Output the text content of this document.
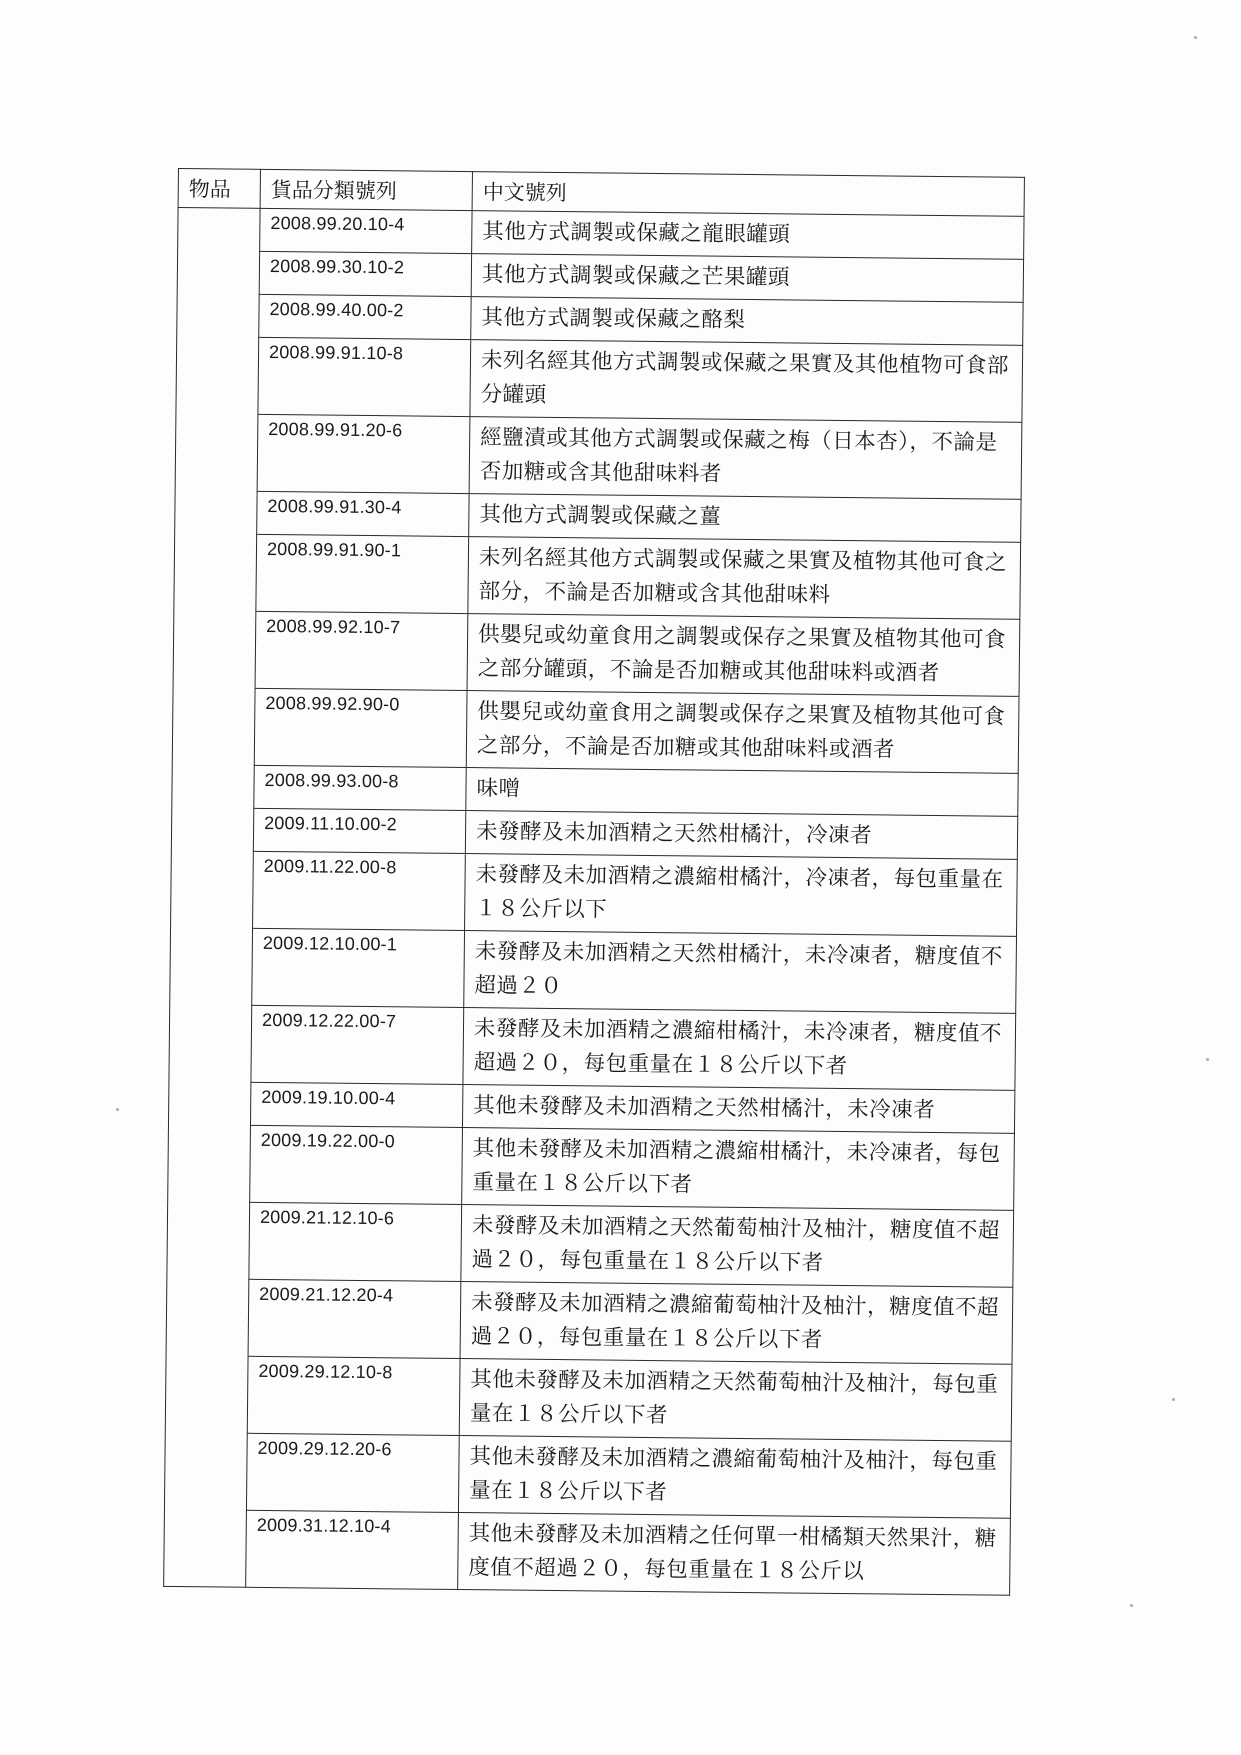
物品	貨品分類號列	中文號列
	2008.99.20.10-4	其他方式調製或保藏之龍眼罐頭
	2008.99.30.10-2	其他方式調製或保藏之芒果罐頭
	2008.99.40.00-2	其他方式調製或保藏之酪梨
	2008.99.91.10-8	未列名經其他方式調製或保藏之果實及其他植物可食部分罐頭
	2008.99.91.20-6	經鹽漬或其他方式調製或保藏之梅（日本杏），不論是否加糖或含其他甜味料者
	2008.99.91.30-4	其他方式調製或保藏之薑
	2008.99.91.90-1	未列名經其他方式調製或保藏之果實及植物其他可食之部分，不論是否加糖或含其他甜味料
	2008.99.92.10-7	供嬰兒或幼童食用之調製或保存之果實及植物其他可食之部分罐頭，不論是否加糖或其他甜味料或酒者
	2008.99.92.90-0	供嬰兒或幼童食用之調製或保存之果實及植物其他可食之部分，不論是否加糖或其他甜味料或酒者
	2008.99.93.00-8	味噌
	2009.11.10.00-2	未發酵及未加酒精之天然柑橘汁，冷凍者
	2009.11.22.00-8	未發酵及未加酒精之濃縮柑橘汁，冷凍者，每包重量在１８公斤以下
	2009.12.10.00-1	未發酵及未加酒精之天然柑橘汁，未冷凍者，糖度值不超過２０
	2009.12.22.00-7	未發酵及未加酒精之濃縮柑橘汁，未冷凍者，糖度值不超過２０，每包重量在１８公斤以下者
	2009.19.10.00-4	其他未發酵及未加酒精之天然柑橘汁，未冷凍者
	2009.19.22.00-0	其他未發酵及未加酒精之濃縮柑橘汁，未冷凍者，每包重量在１８公斤以下者
	2009.21.12.10-6	未發酵及未加酒精之天然葡萄柚汁及柚汁，糖度值不超過２０，每包重量在１８公斤以下者
	2009.21.12.20-4	未發酵及未加酒精之濃縮葡萄柚汁及柚汁，糖度值不超過２０，每包重量在１８公斤以下者
	2009.29.12.10-8	其他未發酵及未加酒精之天然葡萄柚汁及柚汁，每包重量在１８公斤以下者
	2009.29.12.20-6	其他未發酵及未加酒精之濃縮葡萄柚汁及柚汁，每包重量在１８公斤以下者
	2009.31.12.10-4	其他未發酵及未加酒精之任何單一柑橘類天然果汁，糖度值不超過２０，每包重量在１８公斤以
